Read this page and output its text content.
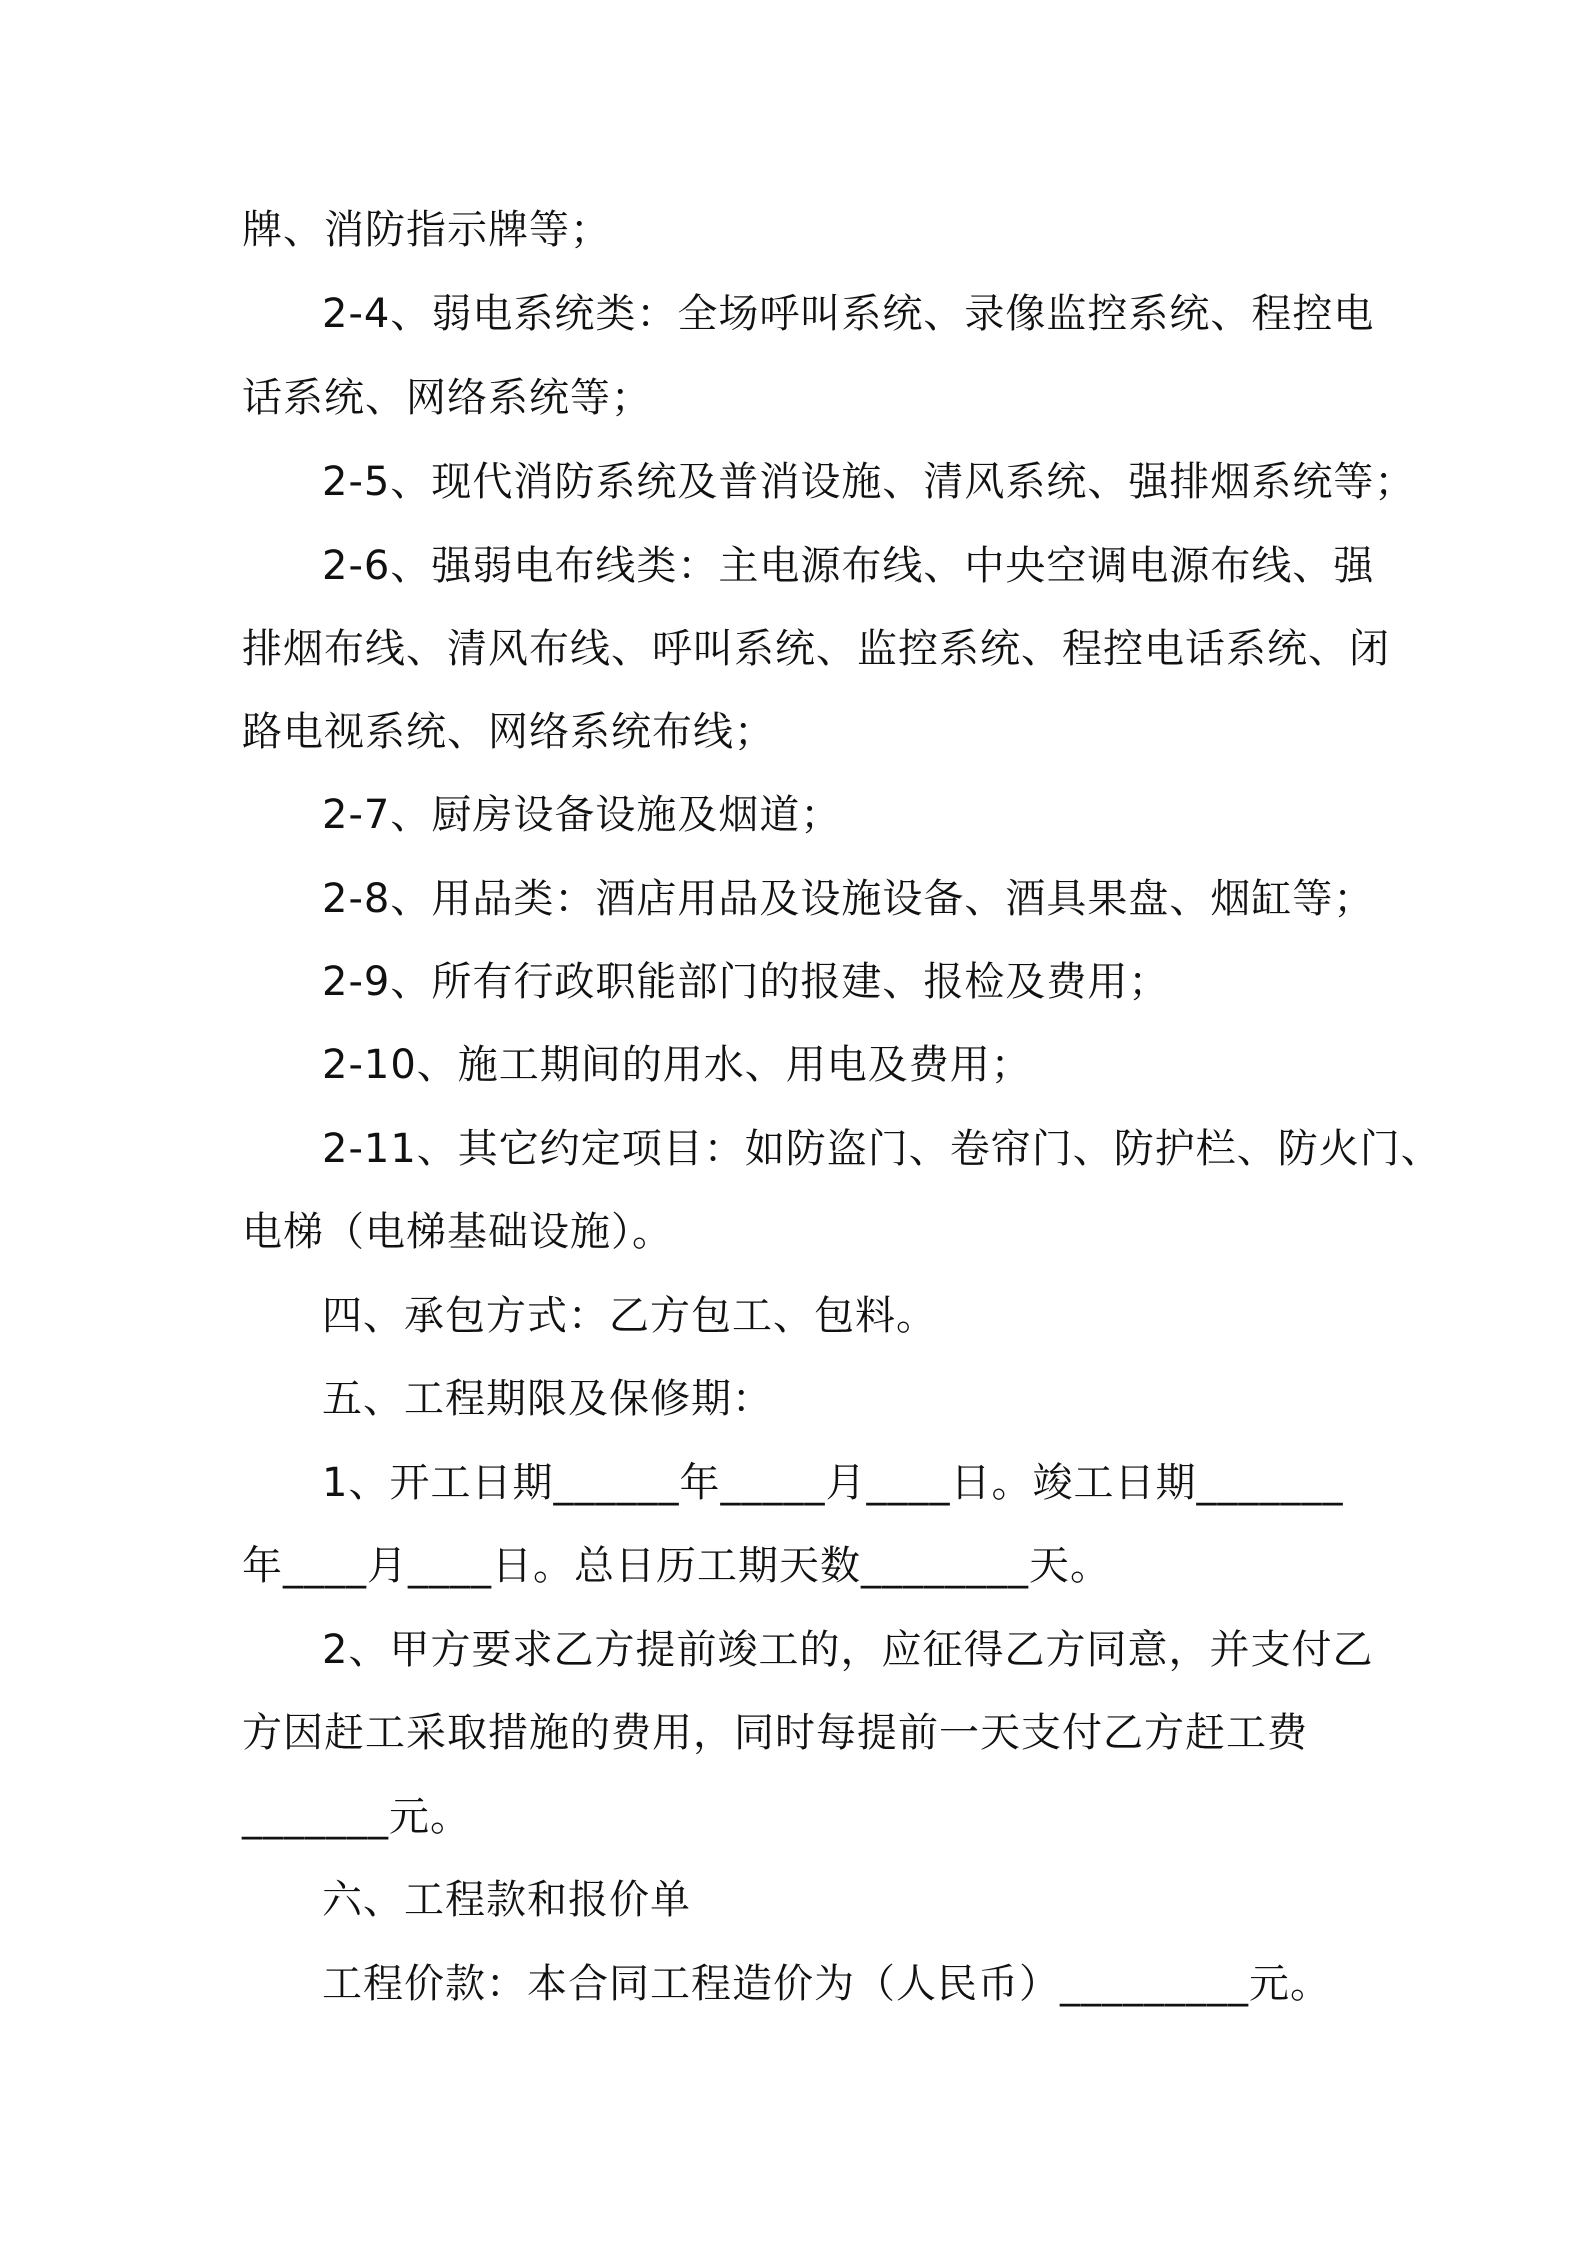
牌、消防指示牌等；
2-4、弱电系统类：全场呼叫系统、录像监控系统、程控电
话系统、网络系统等；
2-5、现代消防系统及普消设施、清风系统、强排烟系统等；
2-6、强弱电布线类：主电源布线、中央空调电源布线、强
排烟布线、清风布线、呼叫系统、监控系统、程控电话系统、闭
路电视系统、网络系统布线；
2-7、厨房设备设施及烟道；
2-8、用品类：酒店用品及设施设备、酒具果盘、烟缸等；
2-9、所有行政职能部门的报建、报检及费用；
2-10、施工期间的用水、用电及费用；
2-11、其它约定项目：如防盗门、卷帘门、防护栏、防火门、
电梯（电梯基础设施）。
四、承包方式：乙方包工、包料。
五、工程期限及保修期：
1、开工日期______年_____月____日。竣工日期_______
年____月____日。总日历工期天数________天。
2、甲方要求乙方提前竣工的，应征得乙方同意，并支付乙
方因赶工采取措施的费用，同时每提前一天支付乙方赶工费
_______元。
六、工程款和报价单
工程价款：本合同工程造价为（人民币）_________元。
